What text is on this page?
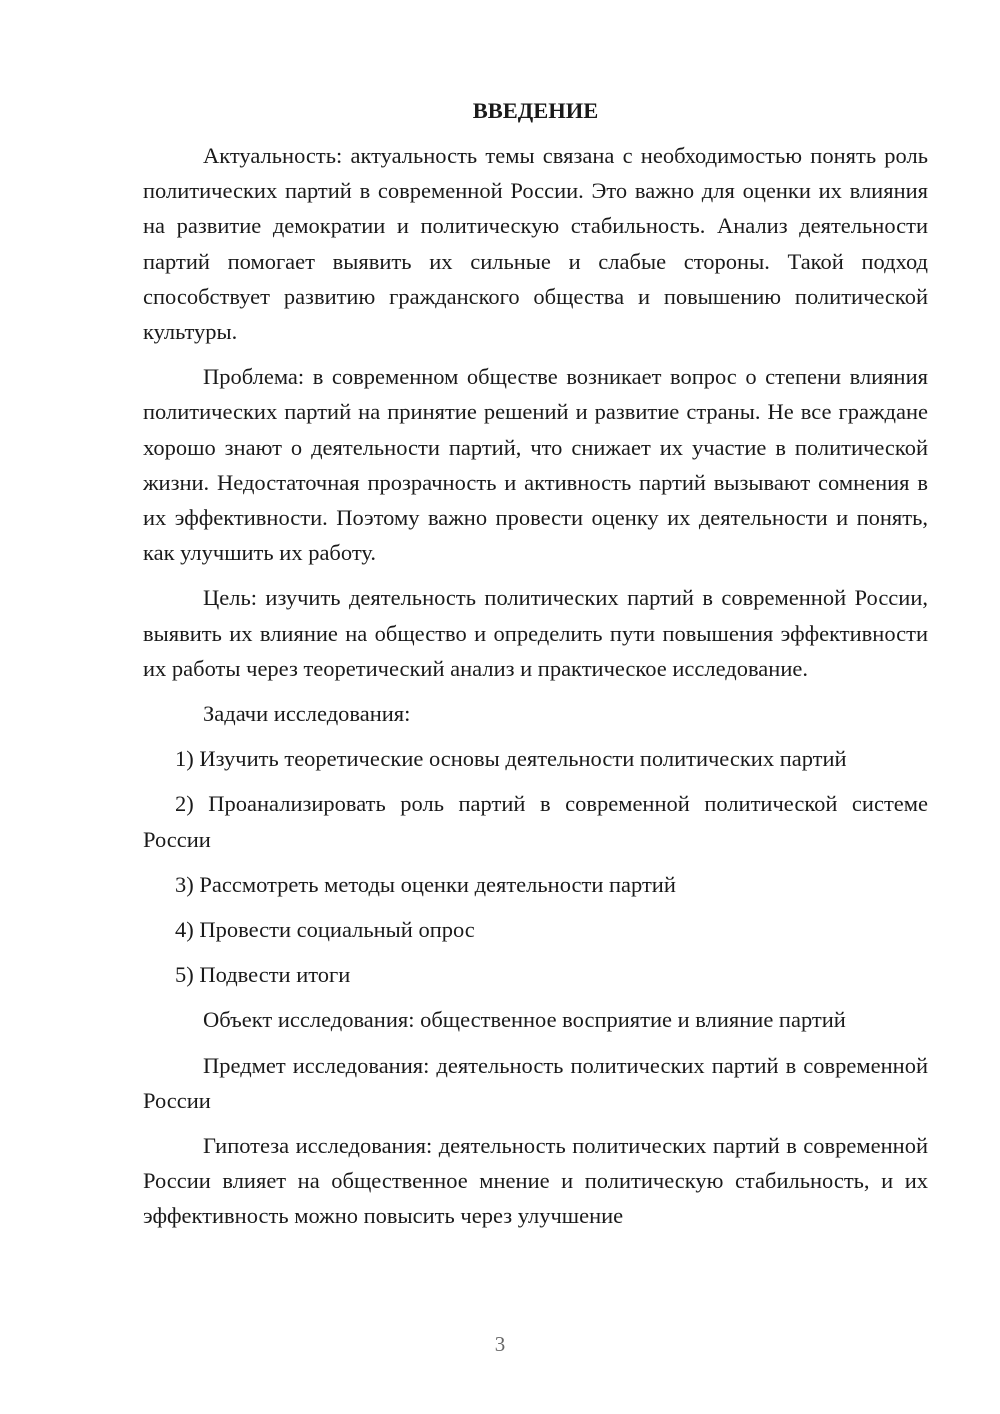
ВВЕДЕНИЕ

Актуальность: актуальность темы связана с необходимостью понять роль политических партий в современной России. Это важно для оценки их влияния на развитие демократии и политическую стабильность. Анализ деятельности партий помогает выявить их сильные и слабые стороны. Такой подход способствует развитию гражданского общества и повышению политической культуры.

Проблема: в современном обществе возникает вопрос о степени влияния политических партий на принятие решений и развитие страны. Не все граждане хорошо знают о деятельности партий, что снижает их участие в политической жизни. Недостаточная прозрачность и активность партий вызывают сомнения в их эффективности. Поэтому важно провести оценку их деятельности и понять, как улучшить их работу.

Цель: изучить деятельность политических партий в современной России, выявить их влияние на общество и определить пути повышения эффективности их работы через теоретический анализ и практическое исследование.

Задачи исследования:

1) Изучить теоретические основы деятельности политических партий

2) Проанализировать роль партий в современной политической системе России

3) Рассмотреть методы оценки деятельности партий

4) Провести социальный опрос

5) Подвести итоги

Объект исследования: общественное восприятие и влияние партий

Предмет исследования: деятельность политических партий в современной России

Гипотеза исследования: деятельность политических партий в современной России влияет на общественное мнение и политическую стабильность, и их эффективность можно повысить через улучшение

3
